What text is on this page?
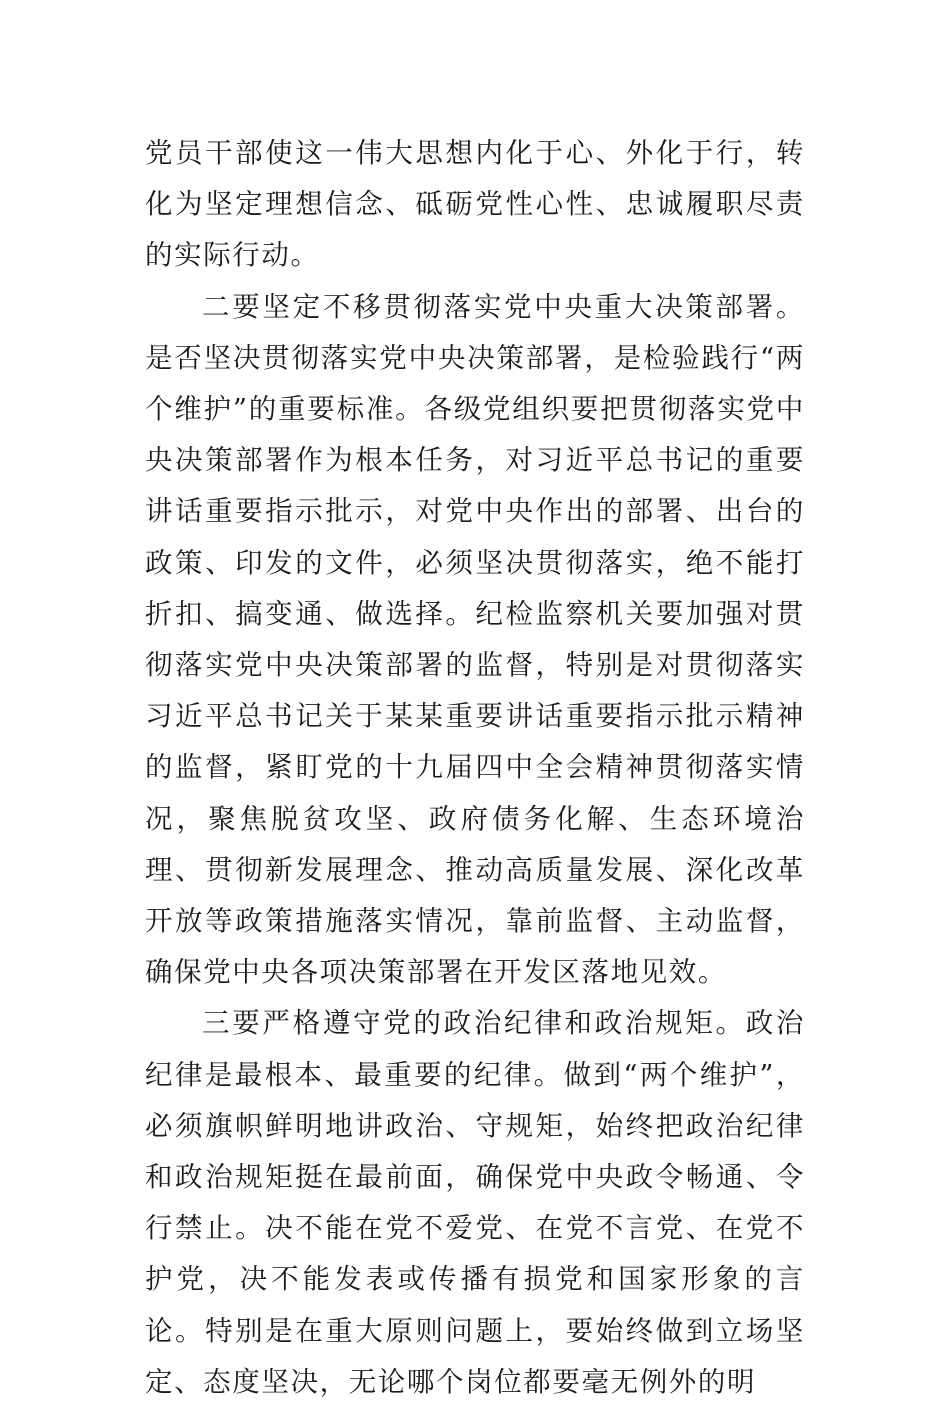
党员干部使这一伟大思想内化于心、外化于行，转化为坚定理想信念、砥砺党性心性、忠诚履职尽责的实际行动。

二要坚定不移贯彻落实党中央重大决策部署。是否坚决贯彻落实党中央决策部署，是检验践行“两个维护”的重要标准。各级党组织要把贯彻落实党中央决策部署作为根本任务，对习近平总书记的重要讲话重要指示批示，对党中央作出的部署、出台的政策、印发的文件，必须坚决贯彻落实，绝不能打折扣、搞变通、做选择。纪检监察机关要加强对贯彻落实党中央决策部署的监督，特别是对贯彻落实习近平总书记关于某某重要讲话重要指示批示精神的监督，紧盯党的十九届四中全会精神贯彻落实情况，聚焦脱贫攻坚、政府债务化解、生态环境治理、贯彻新发展理念、推动高质量发展、深化改革开放等政策措施落实情况，靠前监督、主动监督，确保党中央各项决策部署在开发区落地见效。

三要严格遵守党的政治纪律和政治规矩。政治纪律是最根本、最重要的纪律。做到“两个维护”，必须旗帜鲜明地讲政治、守规矩，始终把政治纪律和政治规矩挺在最前面，确保党中央政令畅通、令行禁止。决不能在党不爱党、在党不言党、在党不护党，决不能发表或传播有损党和国家形象的言论。特别是在重大原则问题上，要始终做到立场坚定、态度坚决，无论哪个岗位都要毫无例外的明
